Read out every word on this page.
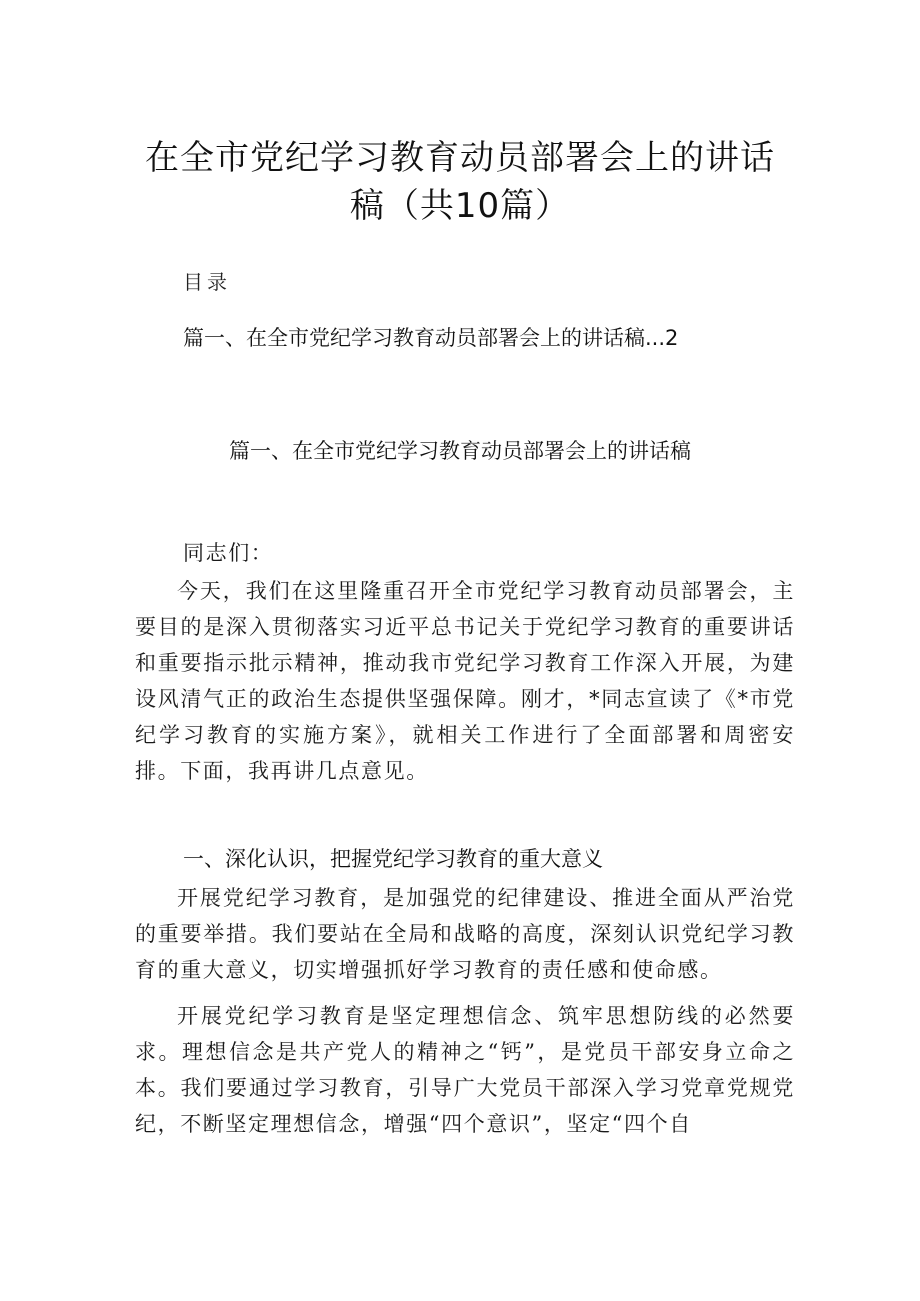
在全市党纪学习教育动员部署会上的讲话
稿（共10篇）
目录
篇一、在全市党纪学习教育动员部署会上的讲话稿...2
篇一、在全市党纪学习教育动员部署会上的讲话稿
同志们：

今天，我们在这里隆重召开全市党纪学习教育动员部署会，主要目的是深入贯彻落实习近平总书记关于党纪学习教育的重要讲话和重要指示批示精神，推动我市党纪学习教育工作深入开展，为建设风清气正的政治生态提供坚强保障。刚才，*同志宣读了《*市党纪学习教育的实施方案》，就相关工作进行了全面部署和周密安排。下面，我再讲几点意见。

一、深化认识，把握党纪学习教育的重大意义

开展党纪学习教育，是加强党的纪律建设、推进全面从严治党的重要举措。我们要站在全局和战略的高度，深刻认识党纪学习教育的重大意义，切实增强抓好学习教育的责任感和使命感。

开展党纪学习教育是坚定理想信念、筑牢思想防线的必然要求。理想信念是共产党人的精神之“钙”，是党员干部安身立命之本。我们要通过学习教育，引导广大党员干部深入学习党章党规党纪，不断坚定理想信念，增强“四个意识”，坚定“四个自
